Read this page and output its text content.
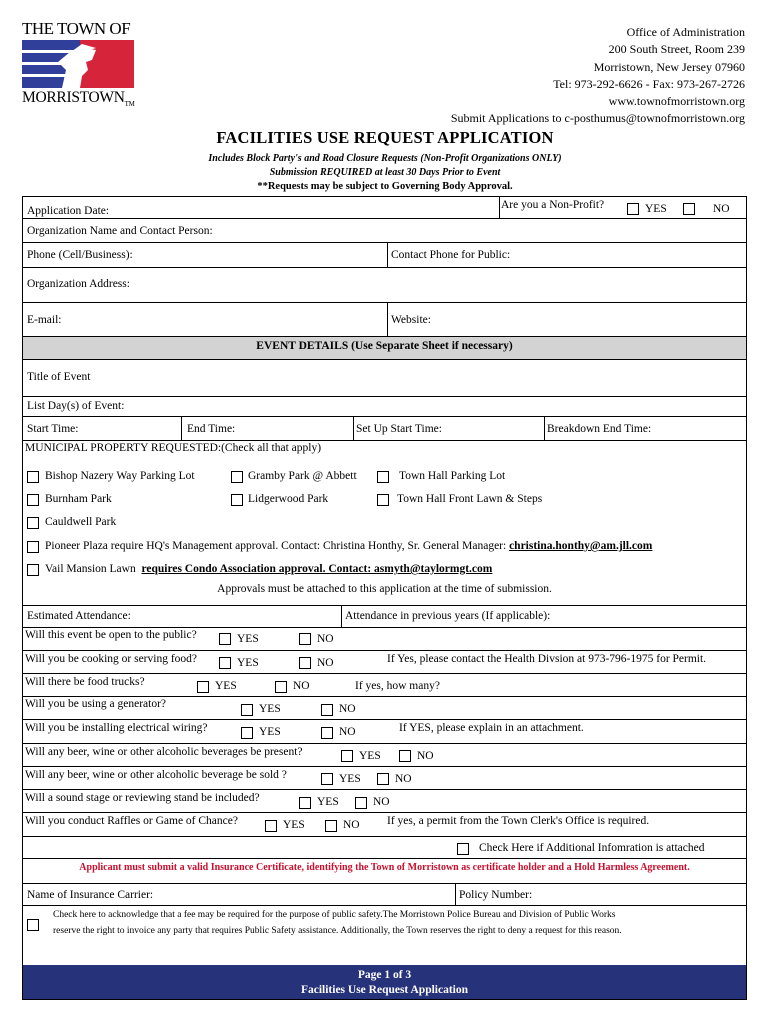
THE TOWN OF
$MORRISTOWN_{TM}$
Office of Administration
200 South Street, Room 239
Morristown, New Jersey 07960
Tel: 973-292-6626 - Fax: 973-267-2726
www.townofmorristown.org
Submit Applications to c-posthumus@townofmorristown.org
FACILITIES USE REQUEST APPLICATION
Includes Block Party's and Road Closure Requests (Non-Profit Organizations ONLY)
Submission REQUIRED at least 30 Days Prior to Event
**Requests may be subject to Governing Body Approval.
Application Date:	Are you a Non-Profit?	YES	NO
Organization Name and Contact Person:
Phone (Cell/Business):	Contact Phone for Public:
Organization Address:
E-mail:	Website:
EVENT DETAILS (Use Separate Sheet if necessary)
Title of Event
List Day(s) of Event:
Start Time:	End Time:	Set Up Start Time:	Breakdown End Time:
MUNICIPAL PROPERTY REQUESTED:(Check all that apply)
Bishop Nazery Way Parking Lot	Gramby Park @ Abbett	Town Hall Parking Lot
Burnham Park	Lidgerwood Park	Town Hall Front Lawn & Steps
Cauldwell Park
Pioneer Plaza require HQ's Management approval. Contact: Christina Honthy, Sr. General Manager: christina.honthy@am.jll.com
Vail Mansion Lawn requires Condo Association approval. Contact: asmyth@taylormgt.com
Approvals must be attached to this application at the time of submission.
Estimated Attendance:	Attendance in previous years (If applicable):
Will this event be open to the public?	YES	NO
Will you be cooking or serving food?	YES	NO	If Yes, please contact the Health Divsion at 973-796-1975 for Permit.
Will there be food trucks?	YES	NO	If yes, how many?
Will you be using a generator?	YES	NO
Will you be installing electrical wiring?	YES	NO	If YES, please explain in an attachment.
Will any beer, wine or other alcoholic beverages be present?	YES	NO
Will any beer, wine or other alcoholic beverage be sold ?	YES	NO
Will a sound stage or reviewing stand be included?	YES	NO
Will you conduct Raffles or Game of Chance?	YES	NO If yes, a permit from the Town Clerk's Office is required.
Check Here if Additional Infomration is attached
Applicant must submit a valid Insurance Certificate, identifying the Town of Morristown as certificate holder and a Hold Harmless Agreement.
Name of Insurance Carrier:	Policy Number:
Check here to acknowledge that a fee may be required for the purpose of public safety.The Morristown Police Bureau and Division of Public Works
reserve the right to invoice any party that requires Public Safety assistance. Additionally, the Town reserves the right to deny a request for this reason.
Page 1 of 3
Facilities Use Request Application
